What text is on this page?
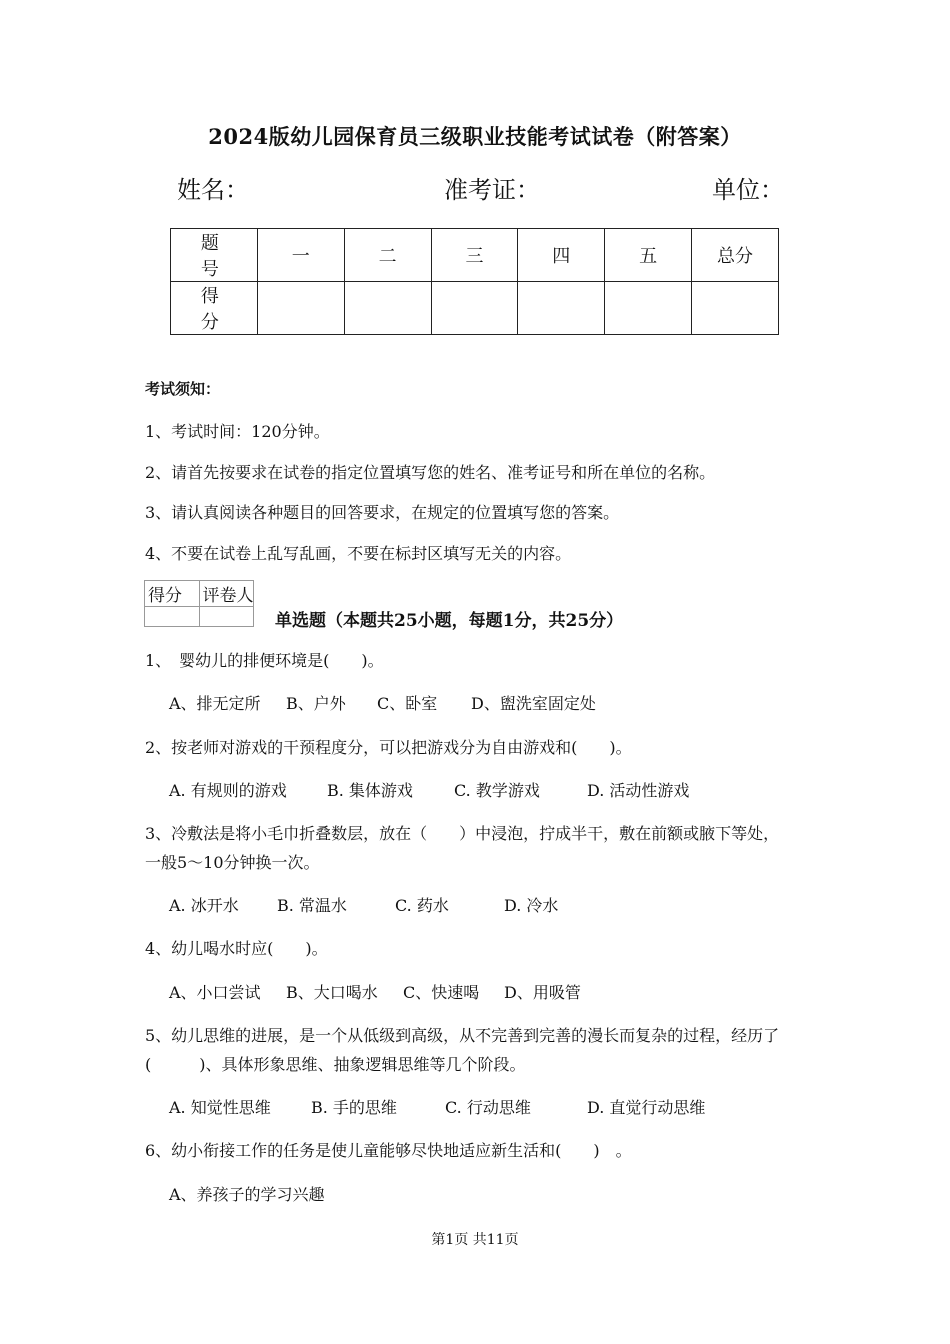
2024版幼儿园保育员三级职业技能考试试卷（附答案）
姓名：	准考证：	单位：
题　号	一	二	三	四	五	总分
得　分						
考试须知：
1、考试时间：120分钟。
2、请首先按要求在试卷的指定位置填写您的姓名、准考证号和所在单位的名称。
3、请认真阅读各种题目的回答要求，在规定的位置填写您的答案。
4、不要在试卷上乱写乱画，不要在标封区填写无关的内容。
得分	评卷人

单选题（本题共25小题，每题1分，共25分）
1、　婴幼儿的排便环境是(　　)。
A、排无定所 B、户外 C、卧室 D、盥洗室固定处
2、按老师对游戏的干预程度分，可以把游戏分为自由游戏和(　　)。
A. 有规则的游戏	B. 集体游戏	C. 教学游戏	D. 活动性游戏
3、冷敷法是将小毛巾折叠数层，放在（　　）中浸泡，拧成半干，敷在前额或腋下等处，
一般5～10分钟换一次。
A. 冰开水 B. 常温水	C. 药水	D. 冷水
4、幼儿喝水时应(　　)。
A、小口尝试 B、大口喝水 C、快速喝 D、用吸管
5、幼儿思维的进展，是一个从低级到高级，从不完善到完善的漫长而复杂的过程，经历了
(　　　)、具体形象思维、抽象逻辑思维等几个阶段。
A. 知觉性思维	B. 手的思维	C. 行动思维	D. 直觉行动思维
6、幼小衔接工作的任务是使儿童能够尽快地适应新生活和(　　)　。
A、养孩子的学习兴趣
第1页 共11页
